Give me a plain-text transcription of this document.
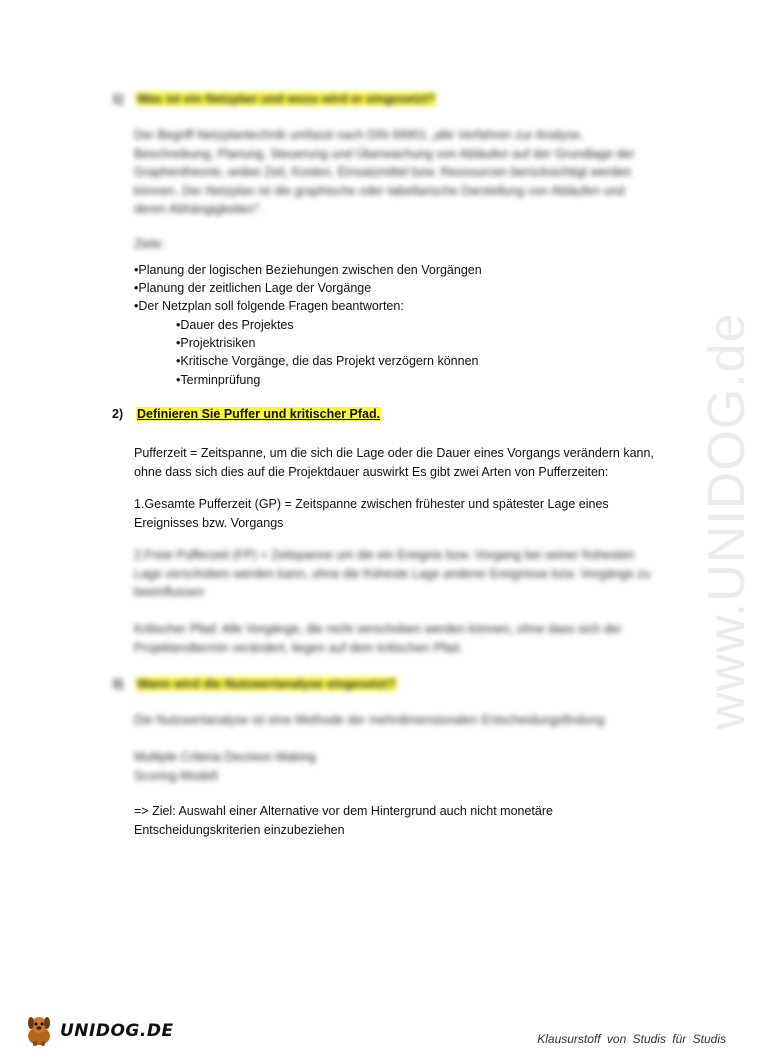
www.UNIDOG.de
1) Was ist ein Netzplan und wozu wird er eingesetzt?
Der Begriff Netzplantechnik umfasst nach DIN 69901 „alle Verfahren zur Analyse,
Beschreibung, Planung, Steuerung und Überwachung von Abläufen auf der Grundlage der
Graphentheorie, wobei Zeit, Kosten, Einsatzmittel bzw. Ressourcen berücksichtigt werden
können. Der Netzplan ist die graphische oder tabellarische Darstellung von Abläufen und
deren Abhängigkeiten".
Ziele:
•Planung der logischen Beziehungen zwischen den Vorgängen
•Planung der zeitlichen Lage der Vorgänge
•Der Netzplan soll folgende Fragen beantworten:
•Dauer des Projektes
•Projektrisiken
•Kritische Vorgänge, die das Projekt verzögern können
•Terminprüfung
2) Definieren Sie Puffer und kritischer Pfad.
Pufferzeit = Zeitspanne, um die sich die Lage oder die Dauer eines Vorgangs verändern kann,
ohne dass sich dies auf die Projektdauer auswirkt Es gibt zwei Arten von Pufferzeiten:
1.Gesamte Pufferzeit (GP) = Zeitspanne zwischen frühester und spätester Lage eines
Ereignisses bzw. Vorgangs
2.Freie Pufferzeit (FP) = Zeitspanne um die ein Ereignis bzw. Vorgang bei seiner frühesten
Lage verschoben werden kann, ohne die früheste Lage anderer Ereignisse bzw. Vorgänge zu
beeinflussen
Kritischer Pfad: Alle Vorgänge, die nicht verschoben werden können, ohne dass sich der
Projektendtermin verändert, liegen auf dem kritischen Pfad.
3) Wann wird die Nutzwertanalyse eingesetzt?
Die Nutzwertanalyse ist eine Methode der mehrdimensionalen Entscheidungsfindung
Multiple Criteria Decision Making
Scoring-Modell
=> Ziel: Auswahl einer Alternative vor dem Hintergrund auch nicht monetäre
Entscheidungskriterien einzubeziehen
UNIDOG.DE	Klausurstoff von Studis für Studis
